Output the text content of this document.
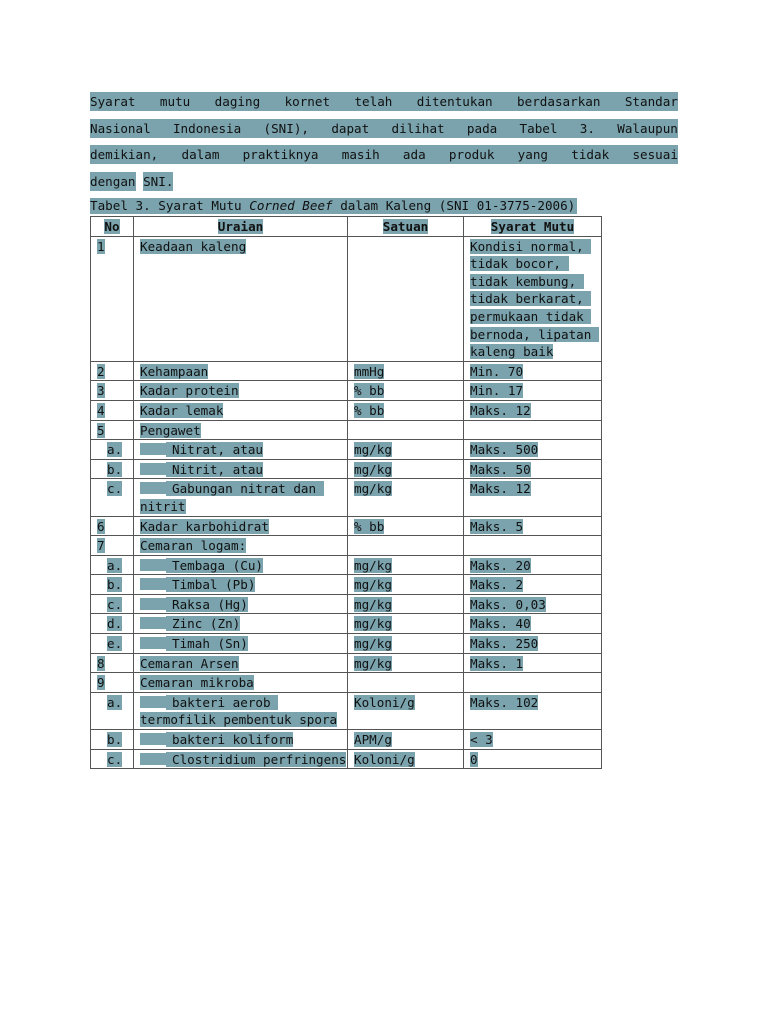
Syarat mutu daging kornet telah ditentukan berdasarkan Standar
Nasional Indonesia (SNI), dapat dilihat pada Tabel 3. Walaupun
demikian, dalam praktiknya masih ada produk yang tidak sesuai
dengan SNI.
Tabel 3. Syarat Mutu Corned Beef dalam Kaleng (SNI 01-3775-2006)
No	Uraian	Satuan	Syarat Mutu
1	Keadaan kaleng		Kondisi normal, tidak bocor, tidak kembung, tidak berkarat, permukaan tidak bernoda, lipatan kaleng baik
2	Kehampaan	mmHg	Min. 70
3	Kadar protein	% bb	Min. 17
4	Kadar lemak	% bb	Maks. 12
5	Pengawet		
a.	Nitrat, atau	mg/kg	Maks. 500
b.	Nitrit, atau	mg/kg	Maks. 50
c.	Gabungan nitrat dan nitrit	mg/kg	Maks. 12
6	Kadar karbohidrat	% bb	Maks. 5
7	Cemaran logam:		
a.	Tembaga (Cu)	mg/kg	Maks. 20
b.	Timbal (Pb)	mg/kg	Maks. 2
c.	Raksa (Hg)	mg/kg	Maks. 0,03
d.	Zinc (Zn)	mg/kg	Maks. 40
e.	Timah (Sn)	mg/kg	Maks. 250
8	Cemaran Arsen	mg/kg	Maks. 1
9	Cemaran mikroba		
a.	bakteri aerob termofilik pembentuk spora	Koloni/g	Maks. 102
b.	bakteri koliform	APM/g	< 3
c.	Clostridium perfringens	Koloni/g	0
